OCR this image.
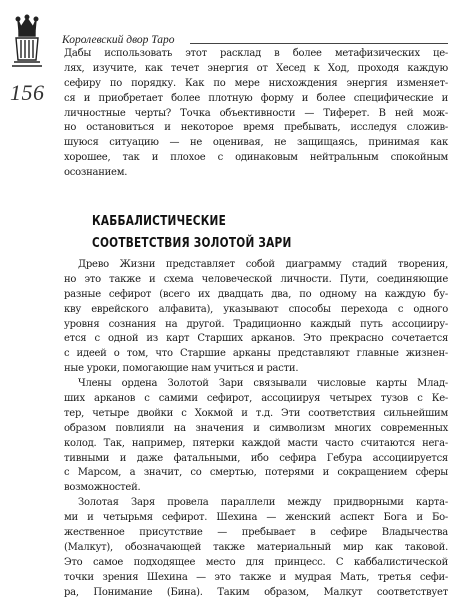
Королевский двор Таро
156
Дабы использовать этот расклад в более метафизических це-
лях, изучите, как течет энергия от Хесед к Ход, проходя каждую
сефиру по порядку. Как по мере нисхождения энергия изменяет-
ся и приобретает более плотную форму и более специфические и
личностные черты? Точка объективности — Тиферет. В ней мож-
но остановиться и некоторое время пребывать, исследуя сложив-
шуюся ситуацию — не оценивая, не защищаясь, принимая как
хорошее, так и плохое с одинаковым нейтральным спокойным
осознанием.
КАББАЛИСТИЧЕСКИЕ
СООТВЕТСТВИЯ ЗОЛОТОЙ ЗАРИ
Древо Жизни представляет собой диаграмму стадий творения,
но это также и схема человеческой личности. Пути, соединяющие
разные сефирот (всего их двадцать два, по одному на каждую бу-
кву еврейского алфавита), указывают способы перехода с одного
уровня сознания на другой. Традиционно каждый путь ассоцииру-
ется с одной из карт Старших арканов. Это прекрасно сочетается
с идеей о том, что Старшие арканы представляют главные жизнен-
ные уроки, помогающие нам учиться и расти.
Члены ордена Золотой Зари связывали числовые карты Млад-
ших арканов с самими сефирот, ассоциируя четырех тузов с Ке-
тер, четыре двойки с Хокмой и т.д. Эти соответствия сильнейшим
образом повлияли на значения и символизм многих современных
колод. Так, например, пятерки каждой масти часто считаются нега-
тивными и даже фатальными, ибо сефира Гебура ассоциируется
с Марсом, а значит, со смертью, потерями и сокращением сферы
возможностей.
Золотая Заря провела параллели между придворными карта-
ми и четырьмя сефирот. Шехина — женский аспект Бога и Бо-
жественное присутствие — пребывает в сефире Владычества
(Малкут), обозначающей также материальный мир как таковой.
Это самое подходящее место для принцесс. С каббалистической
точки зрения Шехина — это также и мудрая Мать, третья сефи-
ра, Понимание (Бина). Таким образом, Малкут соответствует
